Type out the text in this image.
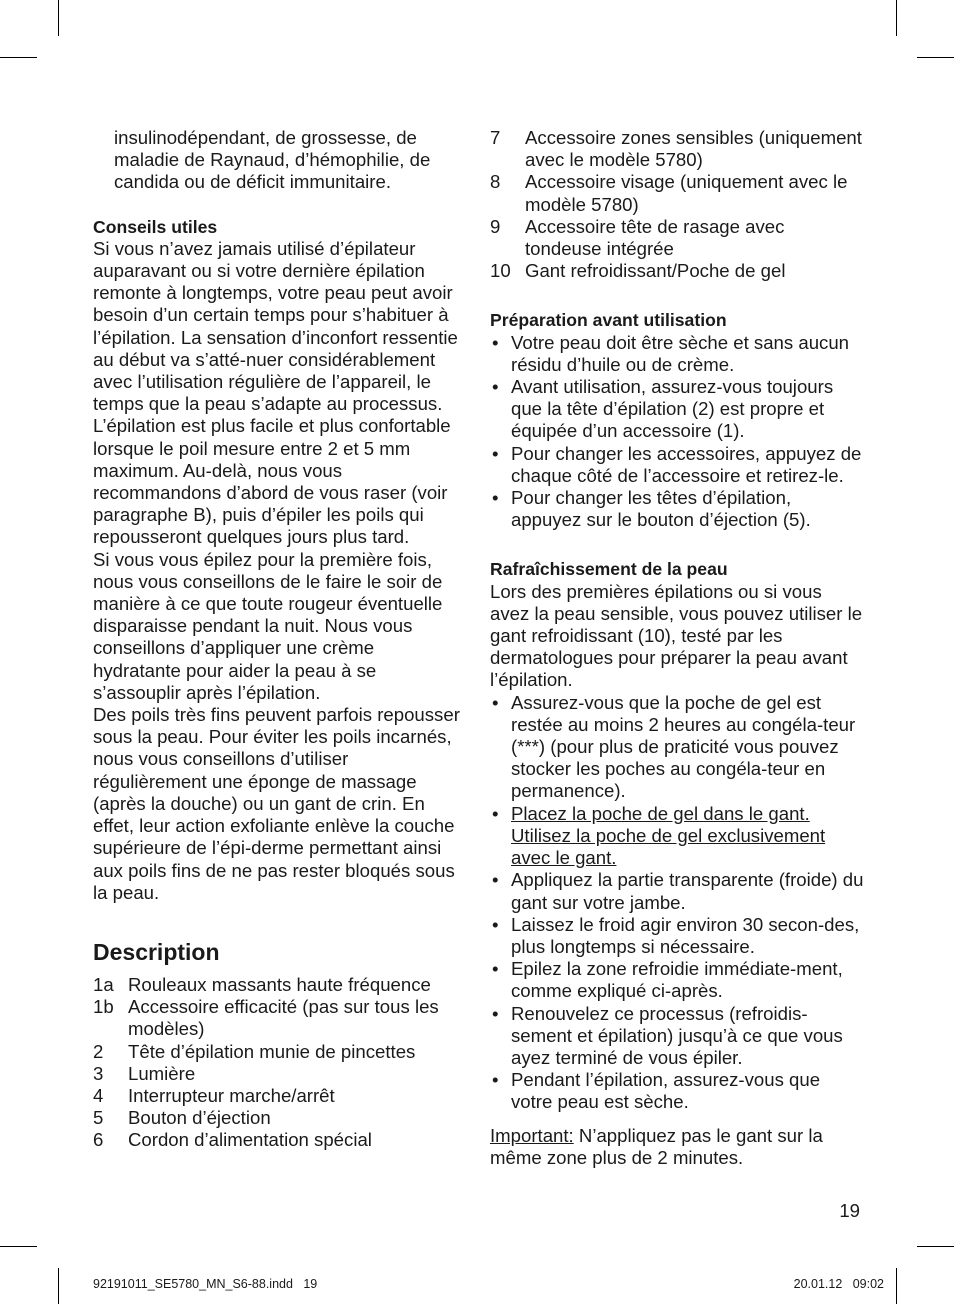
insulinodépendant, de grossesse, de maladie de Raynaud, d’hémophilie, de candida ou de déficit immunitaire.

Conseils utiles

Si vous n’avez jamais utilisé d’épilateur auparavant ou si votre dernière épilation remonte à longtemps, votre peau peut avoir besoin d’un certain temps pour s’habituer à l’épilation. La sensation d’inconfort ressentie au début va s’atté-nuer considérablement avec l’utilisation régulière de l’appareil, le temps que la peau s’adapte au processus.

L’épilation est plus facile et plus confortable lorsque le poil mesure entre 2 et 5 mm maximum. Au-delà, nous vous recommandons d’abord de vous raser (voir paragraphe B), puis d’épiler les poils qui repousseront quelques jours plus tard.

Si vous vous épilez pour la première fois, nous vous conseillons de le faire le soir de manière à ce que toute rougeur éventuelle disparaisse pendant la nuit. Nous vous conseillons d’appliquer une crème hydratante pour aider la peau à se s’assouplir après l’épilation.

Des poils très fins peuvent parfois repousser sous la peau. Pour éviter les poils incarnés, nous vous conseillons d’utiliser régulièrement une éponge de massage (après la douche) ou un gant de crin. En effet, leur action exfoliante enlève la couche supérieure de l’épi-derme permettant ainsi aux poils fins de ne pas rester bloqués sous la peau.

Description

1a Rouleaux massants haute fréquence
1b Accessoire efficacité (pas sur tous les modèles)
2	Tête d’épilation munie de pincettes
3	Lumière
4	Interrupteur marche/arrêt
5	Bouton d’éjection
6	Cordon d’alimentation spécial
7	Accessoire zones sensibles (uniquement avec le modèle 5780)
8	Accessoire visage (uniquement avec le modèle 5780)
9	Accessoire tête de rasage avec tondeuse intégrée
10 Gant refroidissant/Poche de gel

Préparation avant utilisation

• Votre peau doit être sèche et sans aucun résidu d’huile ou de crème.
• Avant utilisation, assurez-vous toujours que la tête d’épilation (2) est propre et équipée d’un accessoire (1).
• Pour changer les accessoires, appuyez de chaque côté de l’accessoire et retirez-le.
• Pour changer les têtes d’épilation, appuyez sur le bouton d’éjection (5).

Rafraîchissement de la peau

Lors des premières épilations ou si vous avez la peau sensible, vous pouvez utiliser le gant refroidissant (10), testé par les dermatologues pour préparer la peau avant l’épilation.

• Assurez-vous que la poche de gel est restée au moins 2 heures au congéla-teur (***) (pour plus de praticité vous pouvez stocker les poches au congéla-teur en permanence).
• Placez la poche de gel dans le gant. Utilisez la poche de gel exclusivement avec le gant.
• Appliquez la partie transparente (froide) du gant sur votre jambe.
• Laissez le froid agir environ 30 secon-des, plus longtemps si nécessaire.
• Epilez la zone refroidie immédiate-ment, comme expliqué ci-après.
• Renouvelez ce processus (refroidis-sement et épilation) jusqu’à ce que vous ayez terminé de vous épiler.
• Pendant l’épilation, assurez-vous que votre peau est sèche.

Important: N’appliquez pas le gant sur la même zone plus de 2 minutes.

19
92191011_SE5780_MN_S6-88.indd   19	20.01.12   09:02
